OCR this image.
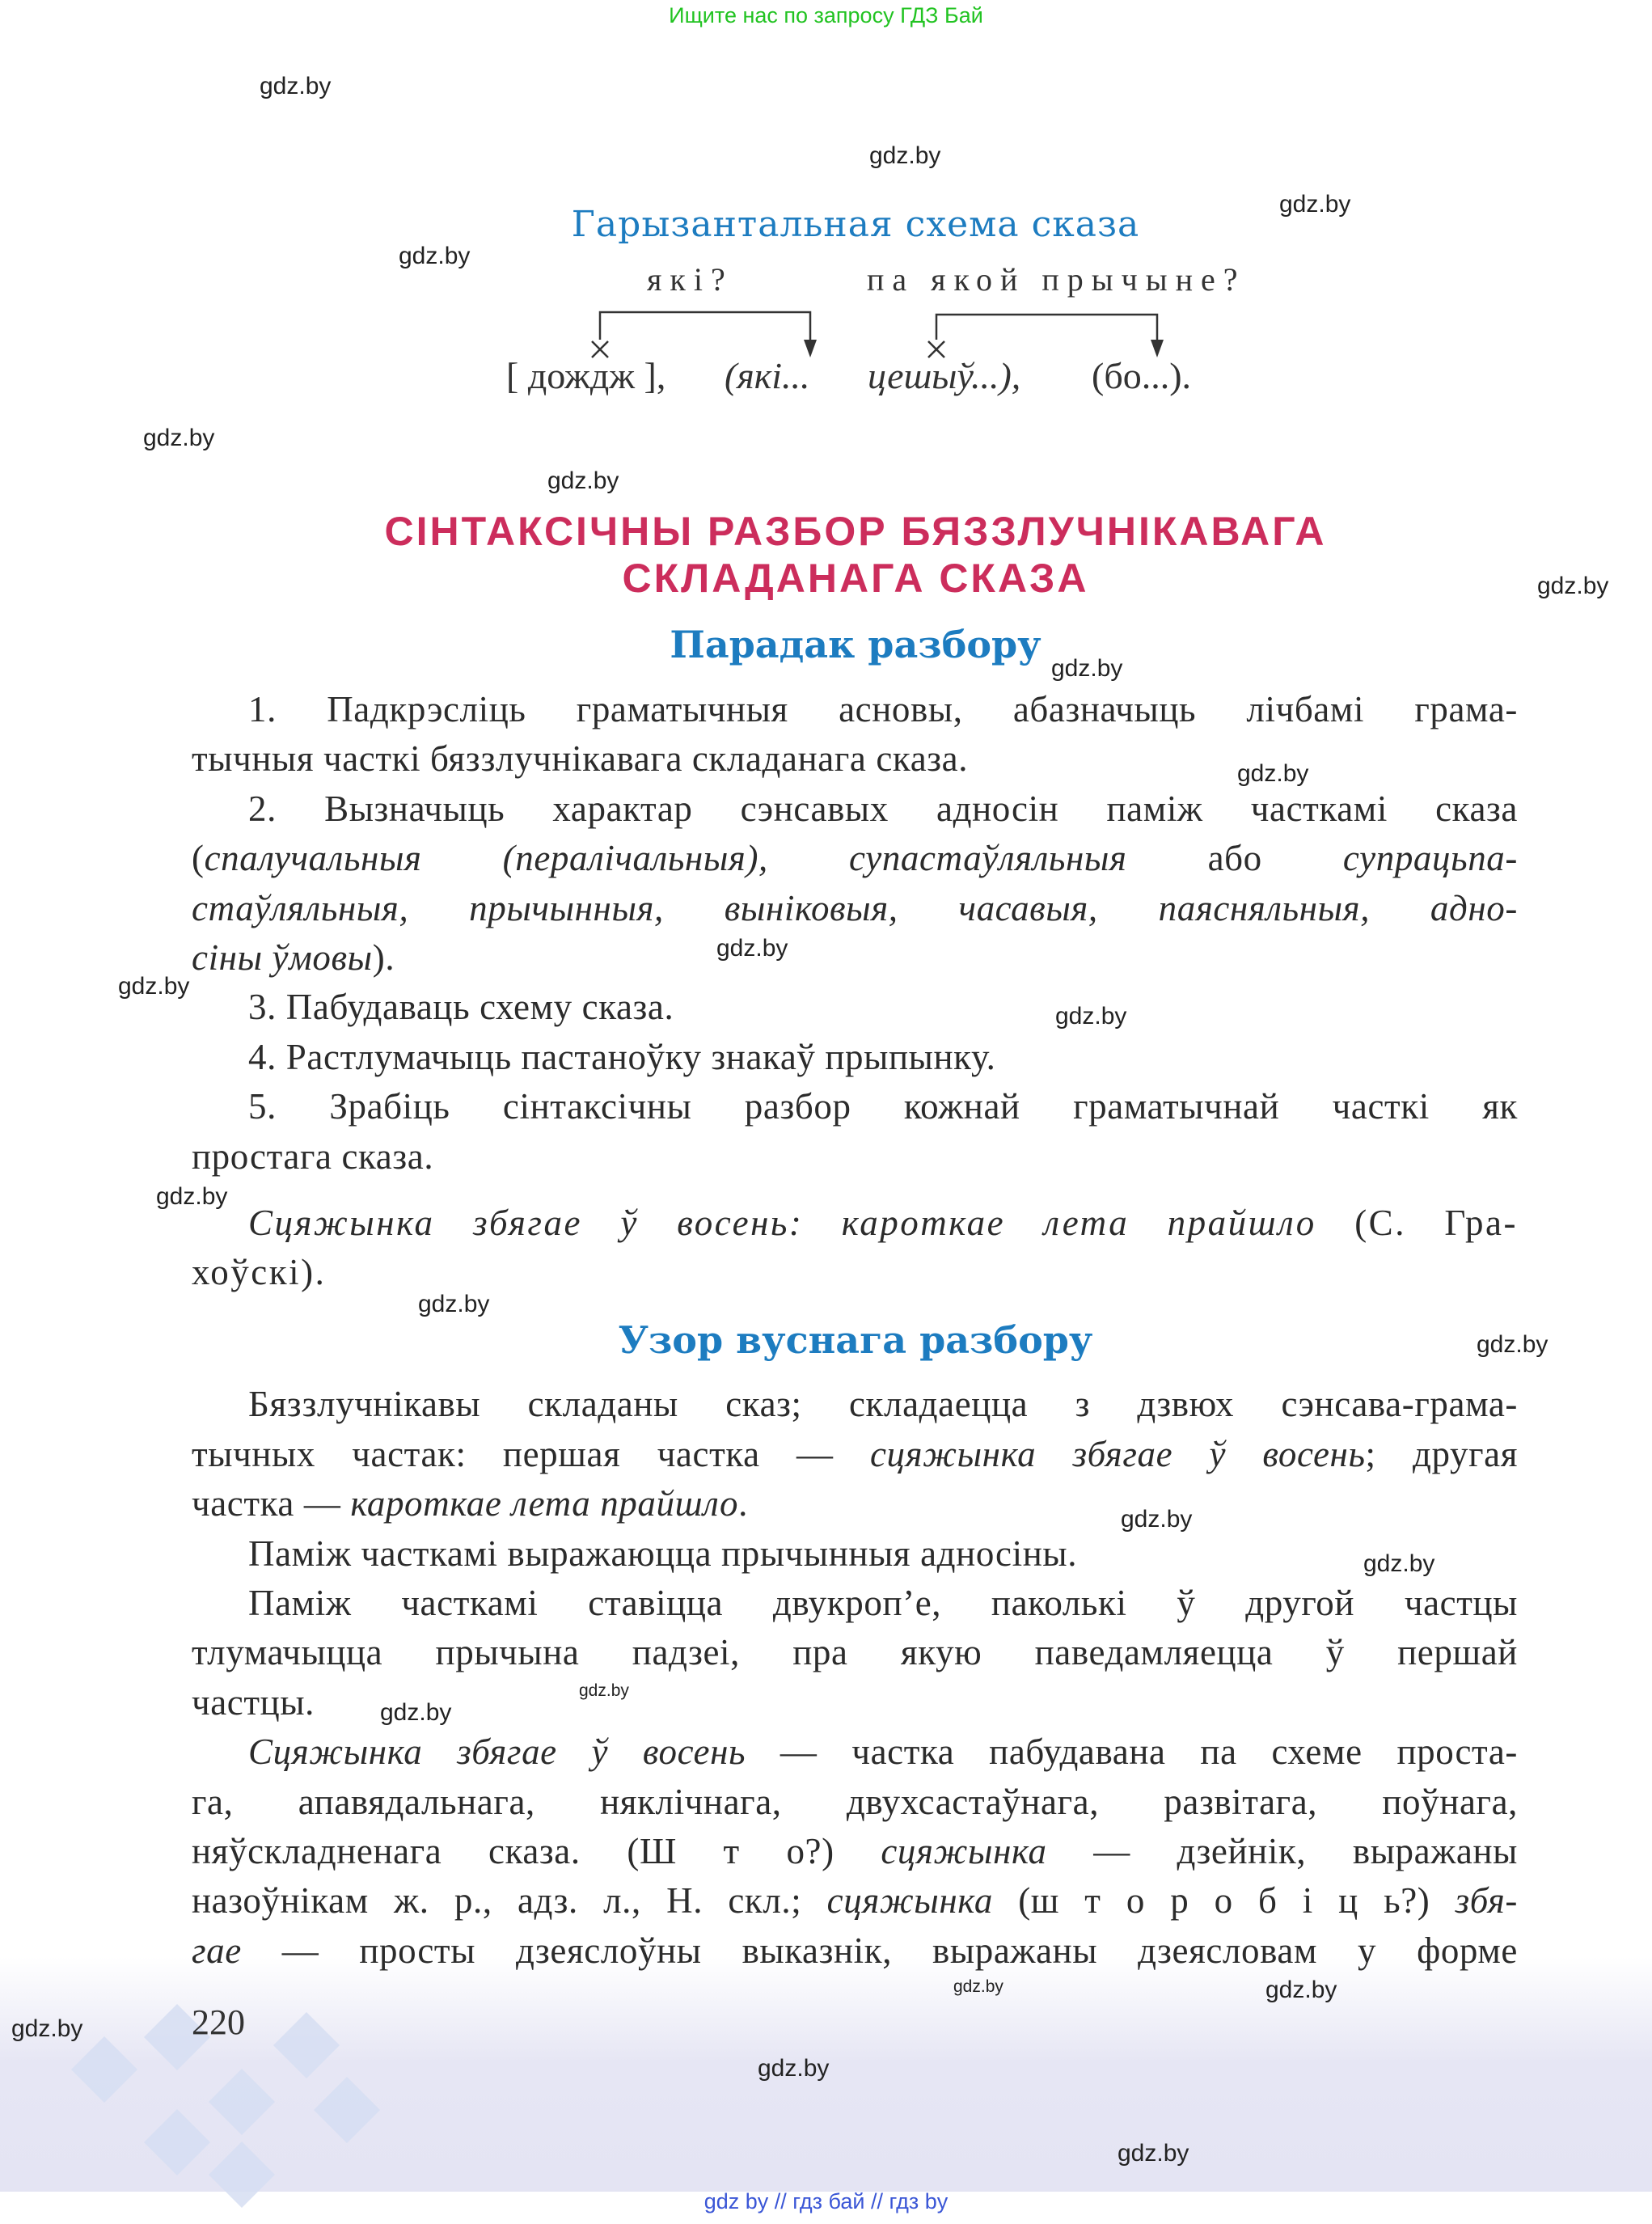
Ищите нас по запросу ГДЗ Бай
Гарызантальная схема сказа
які?	па якой прычыне?
[ дождж ], (які... цешыў...), (бо...).
СІНТАКСІЧНЫ РАЗБОР БЯЗЗЛУЧНІКАВАГА
СКЛАДАНАГА СКАЗА
Парадак разбору
Узор вуснага разбору
1. Падкрэсліць граматычныя асновы, абазначыць лічбамі грама-
тычныя часткі бяззлучнікавага складанага сказа.
2. Вызначыць характар сэнсавых адносін паміж часткамі сказа
(спалучальныя (пералічальныя), супастаўляльныя або супрацьпа-
стаўляльныя, прычынныя, выніковыя, часавыя, паясняльныя, адно-
сіны ўмовы).
3. Пабудаваць схему сказа.
4. Растлумачыць пастаноўку знакаў прыпынку.
5. Зрабіць сінтаксічны разбор кожнай граматычнай часткі як
простага сказа.
Сцяжынка збягае ў восень: кароткае лета прайшло (С. Гра-
хоўскі).
Бяззлучнікавы складаны сказ; складаецца з дзвюх сэнсава-грама-
тычных частак: першая частка — сцяжынка збягае ў восень; другая
частка — кароткае лета прайшло.
Паміж часткамі выражаюцца прычынныя адносіны.
Паміж часткамі ставіцца двукроп’е, паколькі ў другой частцы
тлумачыцца прычына падзеі, пра якую паведамляецца ў першай
частцы.
Сцяжынка збягае ў восень — частка пабудавана па схеме проста-
га, апавядальнага, няклічнага, двухсастаўнага, развітага, поўнага,
няўскладненага сказа. (Ш т о?) сцяжынка — дзейнік, выражаны
назоўнікам ж. р., адз. л., Н. скл.; сцяжынка (ш т о р о б і ц ь?) збя-
гае — просты дзеяслоўны выказнік, выражаны дзеясловам у форме
220
gdz by // гдз бай // гдз by
gdz.by
gdz.by
gdz.by
gdz.by
gdz.by
gdz.by
gdz.by
gdz.by
gdz.by
gdz.by
gdz.by
gdz.by
gdz.by
gdz.by
gdz.by
gdz.by
gdz.by
gdz.by
gdz.by
gdz.by	gdz.by
gdz.by
gdz.by
gdz.by
